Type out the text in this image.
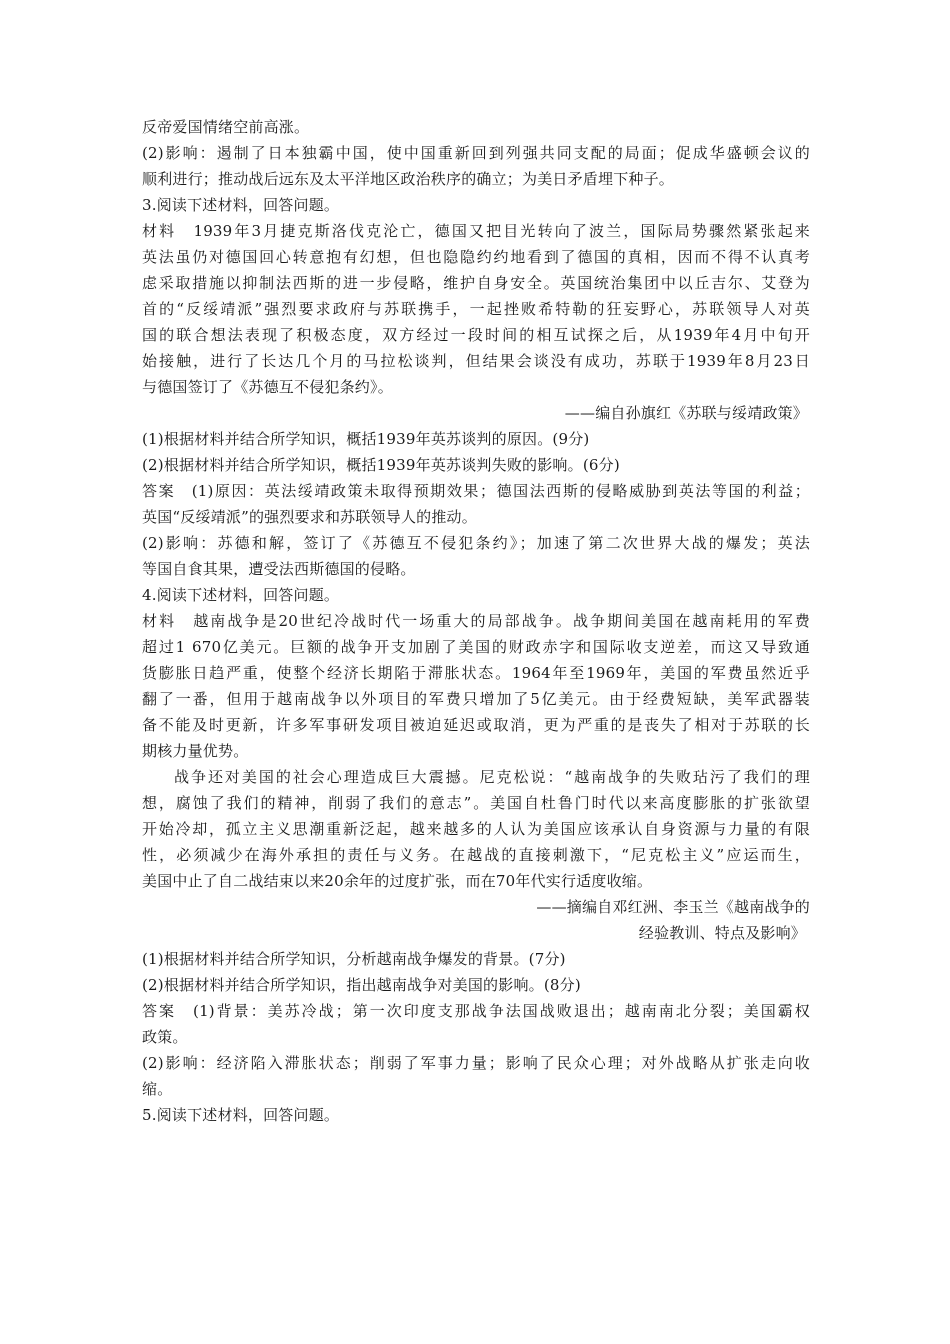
反帝爱国情绪空前高涨。
(2)影响：遏制了日本独霸中国，使中国重新回到列强共同支配的局面；促成华盛顿会议的
顺利进行；推动战后远东及太平洋地区政治秩序的确立；为美日矛盾埋下种子。
3.阅读下述材料，回答问题。
材料　1939年3月捷克斯洛伐克沦亡，德国又把目光转向了波兰，国际局势骤然紧张起来
英法虽仍对德国回心转意抱有幻想，但也隐隐约约地看到了德国的真相，因而不得不认真考
虑采取措施以抑制法西斯的进一步侵略，维护自身安全。英国统治集团中以丘吉尔、艾登为
首的“反绥靖派”强烈要求政府与苏联携手，一起挫败希特勒的狂妄野心，苏联领导人对英
国的联合想法表现了积极态度，双方经过一段时间的相互试探之后，从1939年4月中旬开
始接触，进行了长达几个月的马拉松谈判，但结果会谈没有成功，苏联于1939年8月23日
与德国签订了《苏德互不侵犯条约》。
——编自孙旗红《苏联与绥靖政策》
(1)根据材料并结合所学知识，概括1939年英苏谈判的原因。(9分)
(2)根据材料并结合所学知识，概括1939年英苏谈判失败的影响。(6分)
答案　(1)原因：英法绥靖政策未取得预期效果；德国法西斯的侵略威胁到英法等国的利益；
英国“反绥靖派”的强烈要求和苏联领导人的推动。
(2)影响：苏德和解，签订了《苏德互不侵犯条约》；加速了第二次世界大战的爆发；英法
等国自食其果，遭受法西斯德国的侵略。
4.阅读下述材料，回答问题。
材料　越南战争是20世纪冷战时代一场重大的局部战争。战争期间美国在越南耗用的军费
超过1 670亿美元。巨额的战争开支加剧了美国的财政赤字和国际收支逆差，而这又导致通
货膨胀日趋严重，使整个经济长期陷于滞胀状态。1964年至1969年，美国的军费虽然近乎
翻了一番，但用于越南战争以外项目的军费只增加了5亿美元。由于经费短缺，美军武器装
备不能及时更新，许多军事研发项目被迫延迟或取消，更为严重的是丧失了相对于苏联的长
期核力量优势。
战争还对美国的社会心理造成巨大震撼。尼克松说：“越南战争的失败玷污了我们的理
想，腐蚀了我们的精神，削弱了我们的意志”。美国自杜鲁门时代以来高度膨胀的扩张欲望
开始冷却，孤立主义思潮重新泛起，越来越多的人认为美国应该承认自身资源与力量的有限
性，必须减少在海外承担的责任与义务。在越战的直接刺激下，“尼克松主义”应运而生，
美国中止了自二战结束以来20余年的过度扩张，而在70年代实行适度收缩。
——摘编自邓红洲、李玉兰《越南战争的
经验教训、特点及影响》
(1)根据材料并结合所学知识，分析越南战争爆发的背景。(7分)
(2)根据材料并结合所学知识，指出越南战争对美国的影响。(8分)
答案　(1)背景：美苏冷战；第一次印度支那战争法国战败退出；越南南北分裂；美国霸权
政策。
(2)影响：经济陷入滞胀状态；削弱了军事力量；影响了民众心理；对外战略从扩张走向收
缩。
5.阅读下述材料，回答问题。
